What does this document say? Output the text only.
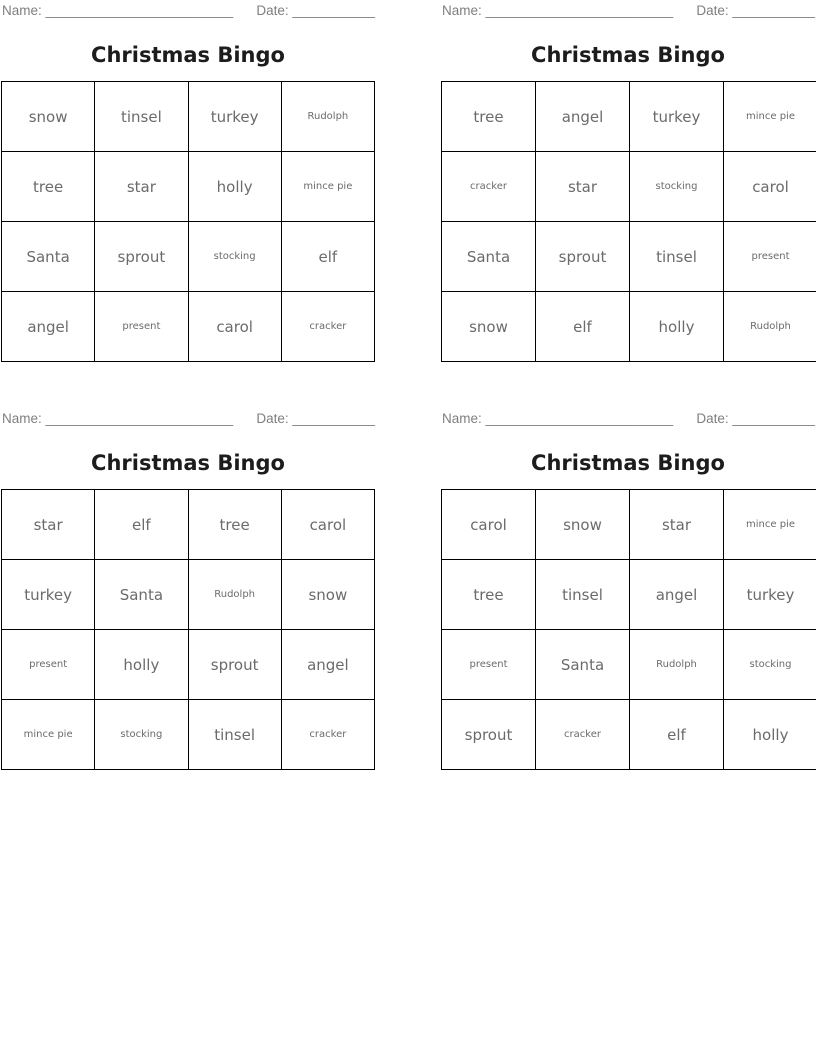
Name: _________________________ Date: ___________
Christmas Bingo
snow	tinsel	turkey	Rudolph
tree	star	holly	mince pie
Santa	sprout	stocking	elf
angel	present	carol	cracker
Name: _________________________ Date: ___________
Christmas Bingo
tree	angel	turkey	mince pie
cracker	star	stocking	carol
Santa	sprout	tinsel	present
snow	elf	holly	Rudolph
Name: _________________________ Date: ___________
Christmas Bingo
star	elf	tree	carol
turkey	Santa	Rudolph	snow
present	holly	sprout	angel
mince pie	stocking	tinsel	cracker
Name: _________________________ Date: ___________
Christmas Bingo
carol	snow	star	mince pie
tree	tinsel	angel	turkey
present	Santa	Rudolph	stocking
sprout	cracker	elf	holly
